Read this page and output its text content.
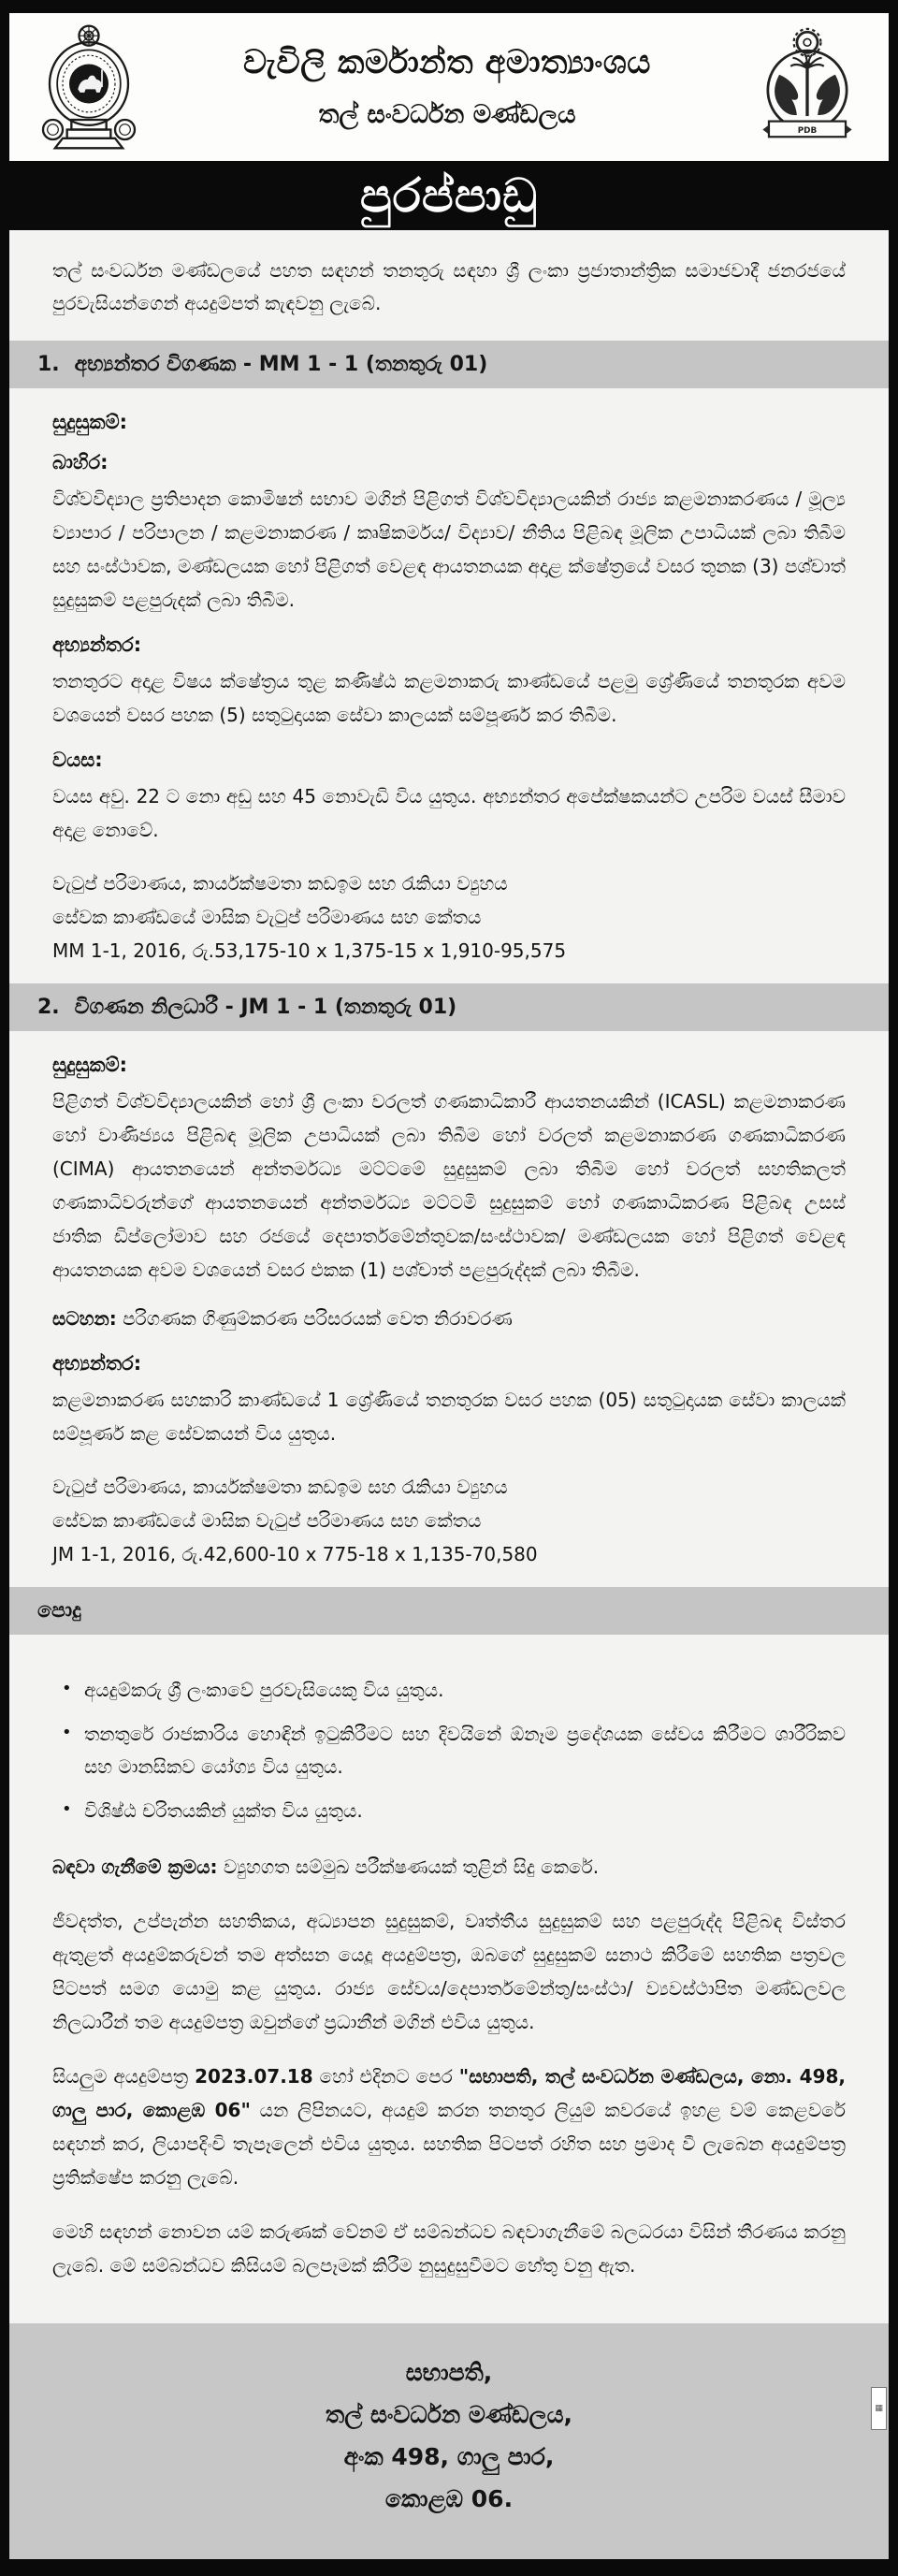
වැවිලි කර්මාන්ත අමාත්‍යාංශය
තල් සංවර්ධන මණ්ඩලය
PDB
පුරප්පාඩු

තල් සංවර්ධන මණ්ඩලයේ පහත සඳහන් තනතුරු සඳහා ශ්‍රී ලංකා ප්‍රජාතාන්ත්‍රික සමාජවාදී ජනරජයේ පුරවැසියන්ගෙන් අයදුම්පත් කැඳවනු ලැබේ.

1. අභ්‍යන්තර විගණක - MM 1 - 1 (තනතුරු 01)
සුදුසුකම්:
බාහිර:

විශ්වවිද්‍යාල ප්‍රතිපාදන කොමිෂන් සභාව මගින් පිළිගත් විශ්වවිද්‍යාලයකින් රාජ්‍ය කළමනාකරණය / මූල්‍ය ව්‍යාපාර / පරිපාලන / කළමනාකරණ / කෘෂිකර්මය/ විද්‍යාව/ නීතිය පිළිබඳ මූලික උපාධියක් ලබා තිබීම සහ සංස්ථාවක, මණ්ඩලයක හෝ පිළිගත් වෙළඳ ආයතනයක අදාළ ක්ෂේත්‍රයේ වසර තුනක (3) පශ්චාත් සුදුසුකම් පළපුරුදක් ලබා තිබීම.

අභ්‍යන්තර:

තනතුරට අදාළ විෂය ක්ෂේත්‍රය තුළ කණිෂ්ඨ කළමනාකරු කාණ්ඩයේ පළමු ශ්‍රේණියේ තනතුරක අවම වශයෙන් වසර පහක (5) සතුටුදායක සේවා කාලයක් සම්පූර්ණ කර තිබීම.

වයස:

වයස අවු. 22 ට නො අඩු සහ 45 නොවැඩි විය යුතුය. අභ්‍යන්තර අපේක්ෂකයන්ට උපරිම වයස් සීමාව අදාළ නොවේ.

වැටුප් පරිමාණය, කාර්යක්ෂමතා කඩඉම සහ රැකියා ව්‍යුහය
සේවක කාණ්ඩයේ මාසික වැටුප් පරිමාණය සහ කේතය
MM 1-1, 2016, රු.53,175-10 x 1,375-15 x 1,910-95,575
2. විගණන නිලධාරී - JM 1 - 1 (තනතුරු 01)
සුදුසුකම්:

පිළිගත් විශ්වවිද්‍යාලයකින් හෝ ශ්‍රී ලංකා වරලත් ගණකාධිකාරී ආයතනයකින් (ICASL) කළමනාකරණ හෝ වාණිජ්‍යය පිළිබඳ මූලික උපාධියක් ලබා තිබීම හෝ වරලත් කළමනාකරණ ගණකාධිකරණ (CIMA) ආයතනයෙන් අන්තර්මධ්‍ය මට්ටමේ සුදුසුකම් ලබා තිබීම හෝ වරලත් සහතිකලත් ගණකාධිවරුන්ගේ ආයතනයෙන් අන්තර්මධ්‍ය මට්ටමි සුදුසුකම් හෝ ගණකාධිකරණ පිළිබඳ උසස් ජාතික ඩිප්ලෝමාව සහ රජයේ දෙපාර්තමේන්තුවක/සංස්ථාවක/ මණ්ඩලයක හෝ පිළිගත් වෙළඳ ආයතනයක අවම වශයෙන් වසර එකක (1) පශ්චාත් පළපුරුද්දක් ලබා තිබීම.

සටහන: පරිගණක ගිණුම්කරණ පරිසරයක් වෙත නිරාවරණ

අභ්‍යන්තර:

කළමනාකරණ සහකාරි කාණ්ඩයේ 1 ශ්‍රේණියේ තනතුරක වසර පහක (05) සතුටුදායක සේවා කාලයක් සම්පූර්ණ කළ සේවකයන් විය යුතුය.

වැටුප් පරිමාණය, කාර්යක්ෂමතා කඩඉම සහ රැකියා ව්‍යුහය
සේවක කාණ්ඩයේ මාසික වැටුප් පරිමාණය සහ කේතය
JM 1-1, 2016, රු.42,600-10 x 775-18 x 1,135-70,580
පොදු
• අයදුම්කරු ශ්‍රී ලංකාවේ පුරවැසියෙකු විය යුතුය.
• තනතුරේ රාජකාරිය හොඳින් ඉටුකිරීමට සහ දිවයිනේ ඕනෑම ප්‍රදේශයක සේවය කිරීමට ශාරීරිකව සහ මානසිකව යෝග්‍ය විය යුතුය.
• විශිෂ්ඨ චරිතයකින් යුක්ත විය යුතුය.

බඳවා ගැනීමේ ක්‍රමය: ව්‍යුහගත සම්මුඛ පරීක්ෂණයක් තුළින් සිදු කෙරේ.

ජීවදත්ත, උප්පැන්න සහතිකය, අධ්‍යාපන සුදුසුකම්, වෘත්තීය සුදුසුකම් සහ පළපුරුද්ද පිළිබඳ විස්තර ඇතුළත් අයදුම්කරුවන් තම අත්සන යෙදූ අයදුම්පත්‍ර, ඔබගේ සුදුසුකම් සනාථ කිරීමේ සහතික පත්‍රවල පිටපත් සමග යොමු කළ යුතුය. රාජ්‍ය සේවය/දෙපාර්තමේන්තු/සංස්ථා/ ව්‍යවස්ථාපිත මණ්ඩලවල නිලධාරීන් තම අයදුම්පත්‍ර ඔවුන්ගේ ප්‍රධානීන් මගින් එවිය යුතුය.

සියලුම අයදුම්පත්‍ර 2023.07.18 හෝ එදිනට පෙර "සභාපති, තල් සංවර්ධන මණ්ඩලය, නො. 498, ගාලු පාර, කොළඹ 06" යන ලිපිනයට, අයදුම් කරන තනතුර ලියුම් කවරයේ ඉහළ වම් කෙළවරේ සඳහන් කර, ලියාපදිංචි තැපෑලෙන් එවිය යුතුය. සහතික පිටපත් රහිත සහ ප්‍රමාද වී ලැබෙන අයදුම්පත්‍ර ප්‍රතික්ෂේප කරනු ලැබේ.

මෙහි සඳහන් නොවන යම් කරුණක් වේනම් ඒ සම්බන්ධව බඳවාගැනීමේ බලධරයා විසින් තීරණය කරනු ලැබේ. මේ සම්බන්ධව කිසියම් බලපෑමක් කිරීම නුසුදුසුවීමට හේතු වනු ඇත.

සභාපති,

තල් සංවර්ධන මණ්ඩලය,

අංක 498, ගාලු පාර,

කොළඹ 06.

▦
